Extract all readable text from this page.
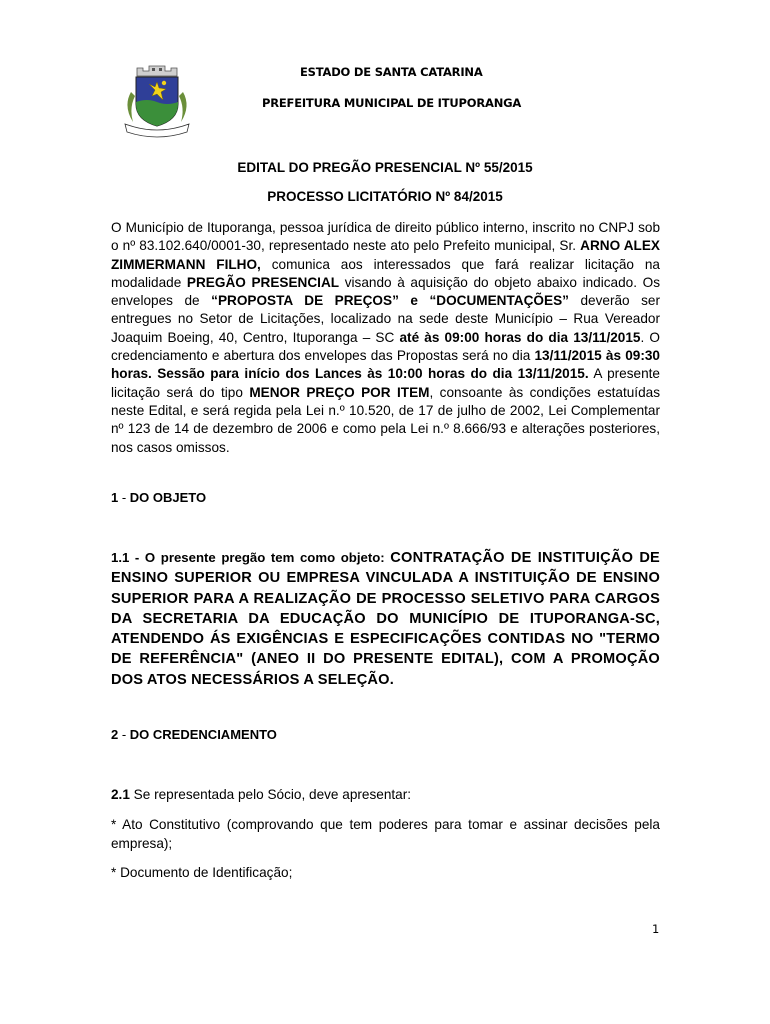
ESTADO DE SANTA CATARINA
PREFEITURA MUNICIPAL DE ITUPORANGA
EDITAL DO PREGÃO PRESENCIAL Nº 55/2015
PROCESSO LICITATÓRIO Nº 84/2015
O Município de Ituporanga, pessoa jurídica de direito público interno, inscrito no CNPJ sob o nº 83.102.640/0001-30, representado neste ato pelo Prefeito municipal, Sr. ARNO ALEX ZIMMERMANN FILHO, comunica aos interessados que fará realizar licitação na modalidade PREGÃO PRESENCIAL visando à aquisição do objeto abaixo indicado. Os envelopes de “PROPOSTA DE PREÇOS” e “DOCUMENTAÇÕES” deverão ser entregues no Setor de Licitações, localizado na sede deste Município – Rua Vereador Joaquim Boeing, 40, Centro, Ituporanga – SC até às 09:00 horas do dia 13/11/2015. O credenciamento e abertura dos envelopes das Propostas será no dia 13/11/2015 às 09:30 horas. Sessão para início dos Lances às 10:00 horas do dia 13/11/2015. A presente licitação será do tipo MENOR PREÇO POR ITEM, consoante às condições estatuídas neste Edital, e será regida pela Lei n.º 10.520, de 17 de julho de 2002, Lei Complementar nº 123 de 14 de dezembro de 2006 e como pela Lei n.º 8.666/93 e alterações posteriores, nos casos omissos.
1 - DO OBJETO
1.1 - O presente pregão tem como objeto: CONTRATAÇÃO DE INSTITUIÇÃO DE ENSINO SUPERIOR OU EMPRESA VINCULADA A INSTITUIÇÃO DE ENSINO SUPERIOR PARA A REALIZAÇÃO DE PROCESSO SELETIVO PARA CARGOS DA SECRETARIA DA EDUCAÇÃO DO MUNICÍPIO DE ITUPORANGA-SC, ATENDENDO ÁS EXIGÊNCIAS E ESPECIFICAÇÕES CONTIDAS NO "TERMO DE REFERÊNCIA" (ANEO II DO PRESENTE EDITAL), COM A PROMOÇÃO DOS ATOS NECESSÁRIOS A SELEÇÃO.
2 - DO CREDENCIAMENTO
2.1 Se representada pelo Sócio, deve apresentar:
* Ato Constitutivo (comprovando que tem poderes para tomar e assinar decisões pela empresa);
* Documento de Identificação;
1
